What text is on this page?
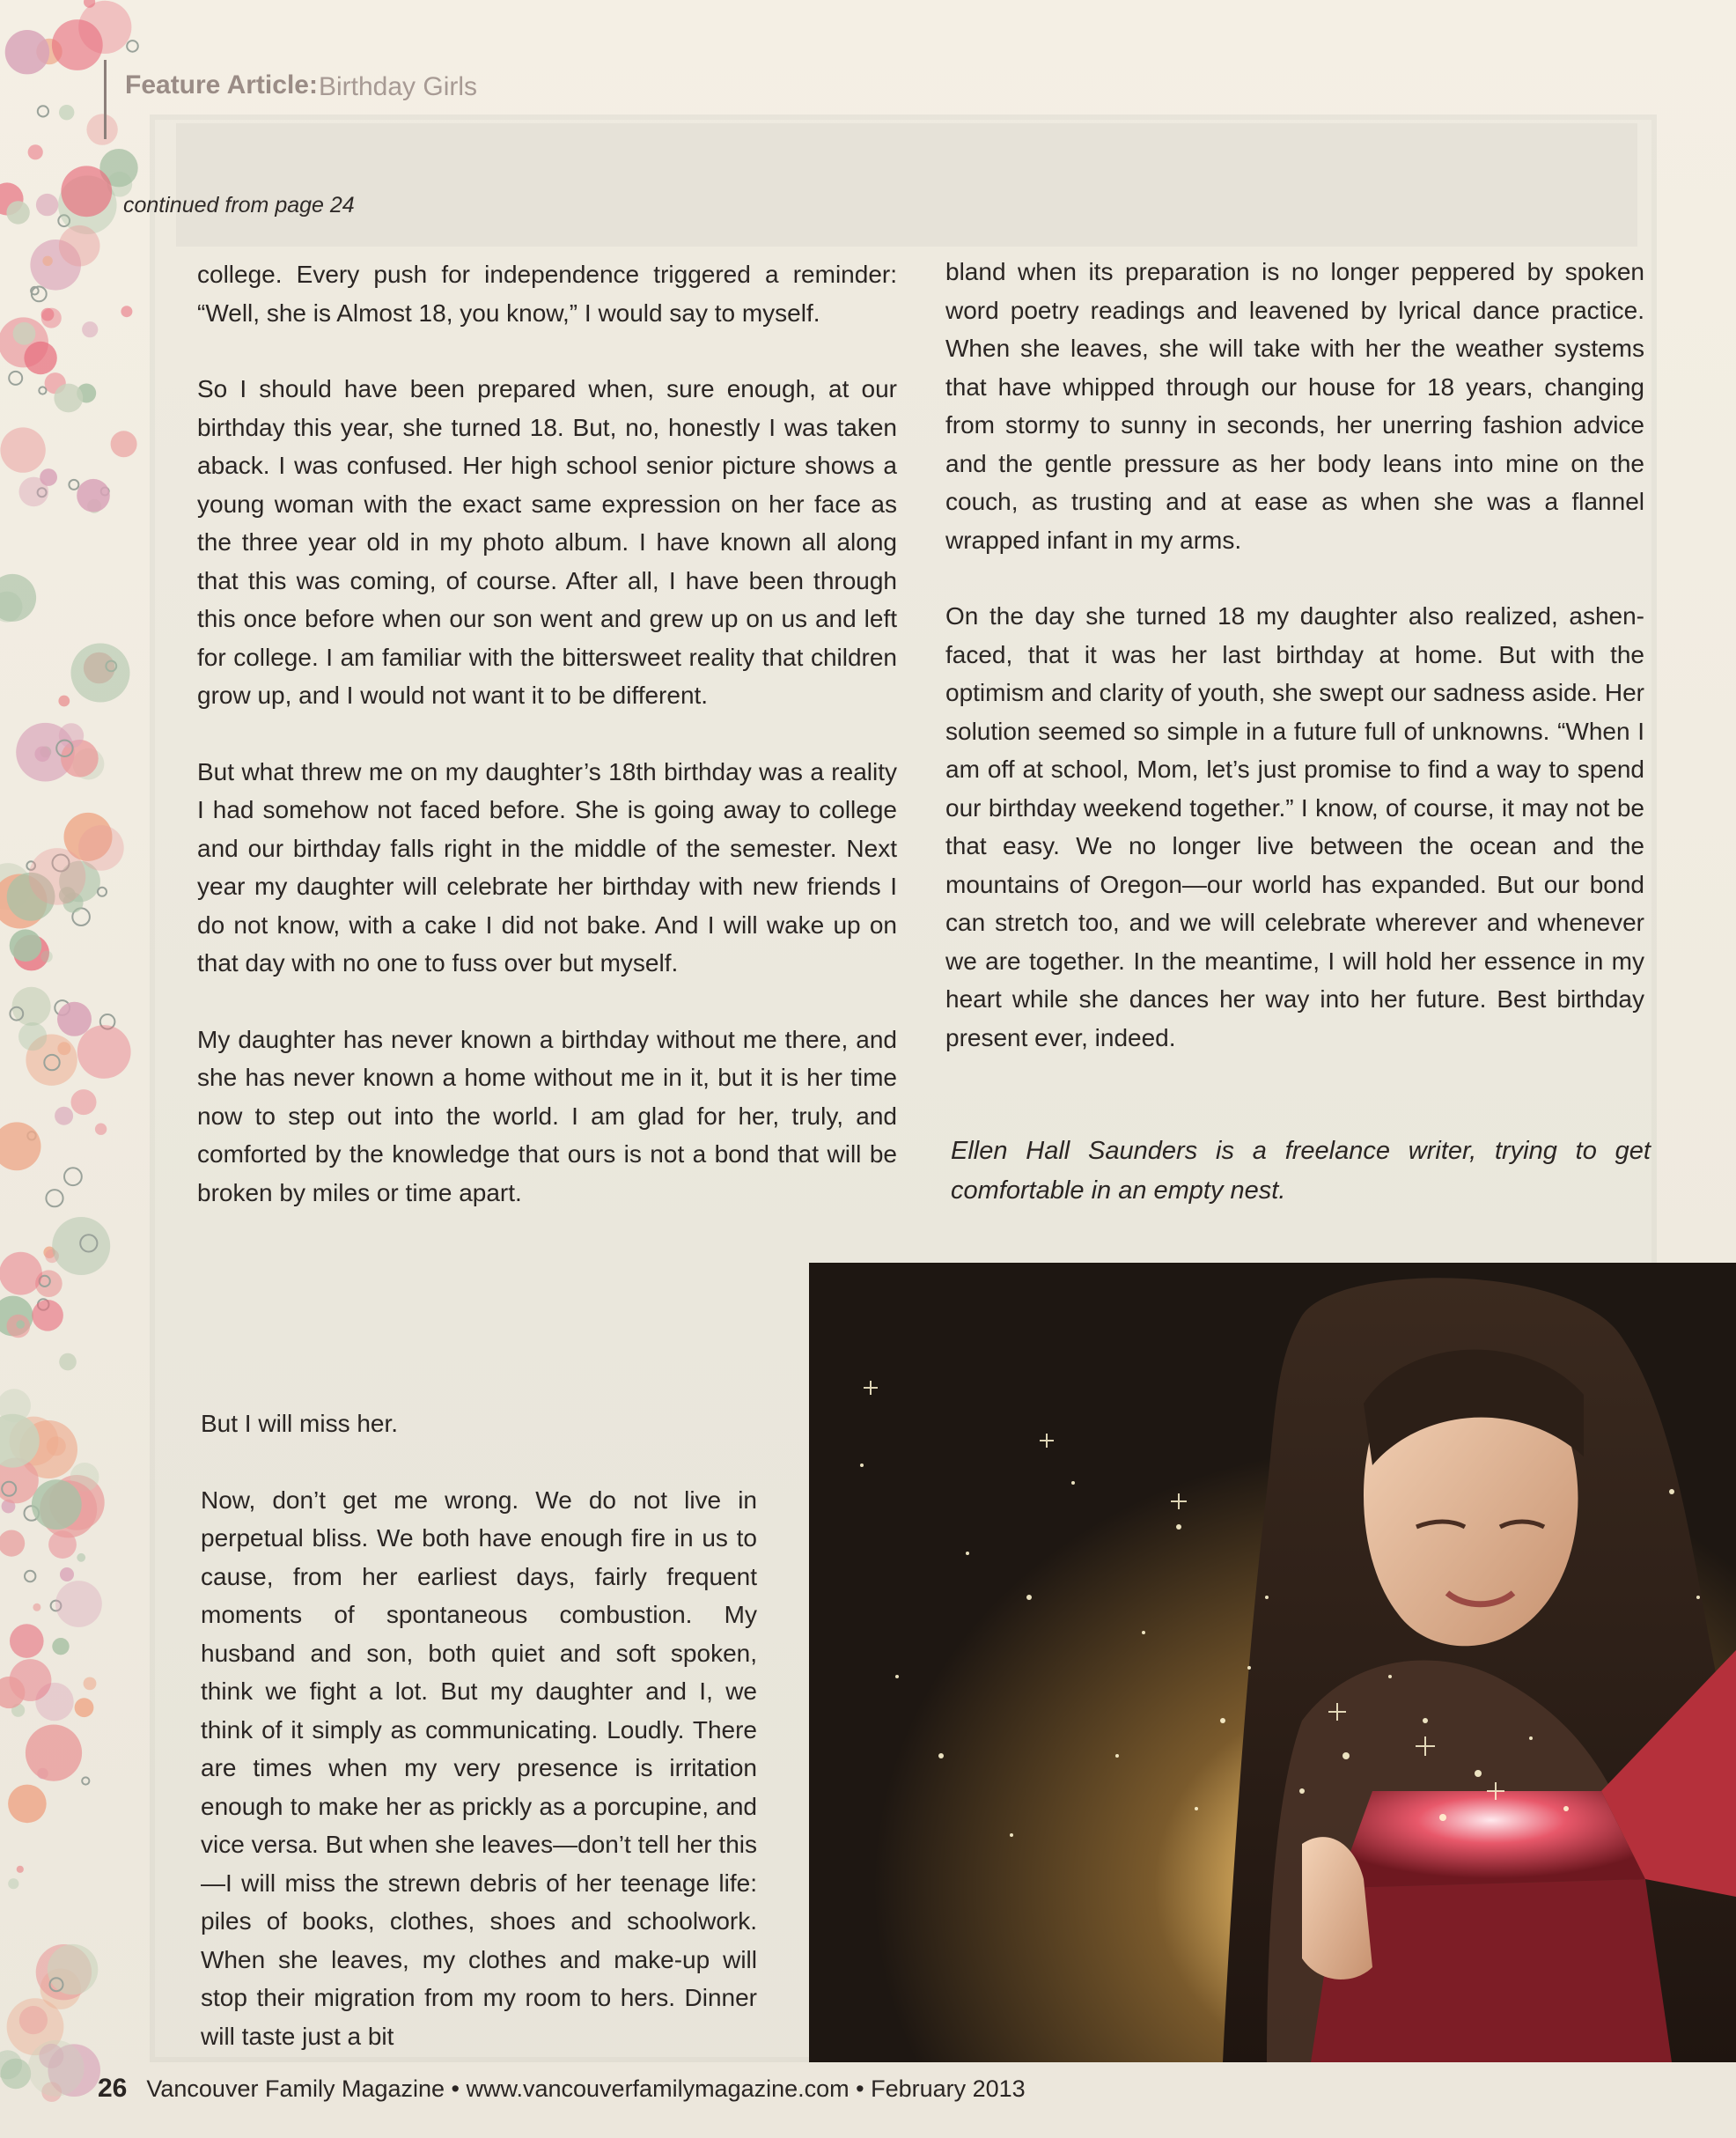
Feature Article: Birthday Girls
continued from page 24

college. Every push for independence triggered a reminder: “Well, she is Almost 18, you know,” I would say to myself.

So I should have been prepared when, sure enough, at our birthday this year, she turned 18. But, no, honestly I was taken aback. I was confused. Her high school senior picture shows a young woman with the exact same expression on her face as the three year old in my photo album. I have known all along that this was coming, of course. After all, I have been through this once before when our son went and grew up on us and left for college. I am familiar with the bittersweet reality that children grow up, and I would not want it to be different.

But what threw me on my daughter’s 18th birthday was a reality I had somehow not faced before. She is going away to college and our birthday falls right in the middle of the semester. Next year my daughter will celebrate her birthday with new friends I do not know, with a cake I did not bake. And I will wake up on that day with no one to fuss over but myself.

My daughter has never known a birthday without me there, and she has never known a home without me in it, but it is her time now to step out into the world. I am glad for her, truly, and comforted by the knowledge that ours is not a bond that will be broken by miles or time apart.

But I will miss her.

Now, don’t get me wrong. We do not live in perpetual bliss. We both have enough fire in us to cause, from her earliest days, fairly frequent moments of spontaneous combustion. My husband and son, both quiet and soft spoken, think we fight a lot. But my daughter and I, we think of it simply as communicating. Loudly. There are times when my very presence is irritation enough to make her as prickly as a porcupine, and vice versa. But when she leaves—don’t tell her this—I will miss the strewn debris of her teenage life: piles of books, clothes, shoes and schoolwork. When she leaves, my clothes and make-up will stop their migration from my room to hers. Dinner will taste just a bit

bland when its preparation is no longer peppered by spoken word poetry readings and leavened by lyrical dance practice. When she leaves, she will take with her the weather systems that have whipped through our house for 18 years, changing from stormy to sunny in seconds, her unerring fashion advice and the gentle pressure as her body leans into mine on the couch, as trusting and at ease as when she was a flannel wrapped infant in my arms.

On the day she turned 18 my daughter also realized, ashen-faced, that it was her last birthday at home. But with the optimism and clarity of youth, she swept our sadness aside. Her solution seemed so simple in a future full of unknowns. “When I am off at school, Mom, let’s just promise to find a way to spend our birthday weekend together.” I know, of course, it may not be that easy. We no longer live between the ocean and the mountains of Oregon—our world has expanded. But our bond can stretch too, and we will celebrate wherever and whenever we are together. In the meantime, I will hold her essence in my heart while she dances her way into her future. Best birthday present ever, indeed.

Ellen Hall Saunders is a freelance writer, trying to get comfortable in an empty nest.
26 Vancouver Family Magazine • www.vancouverfamilymagazine.com • February 2013
